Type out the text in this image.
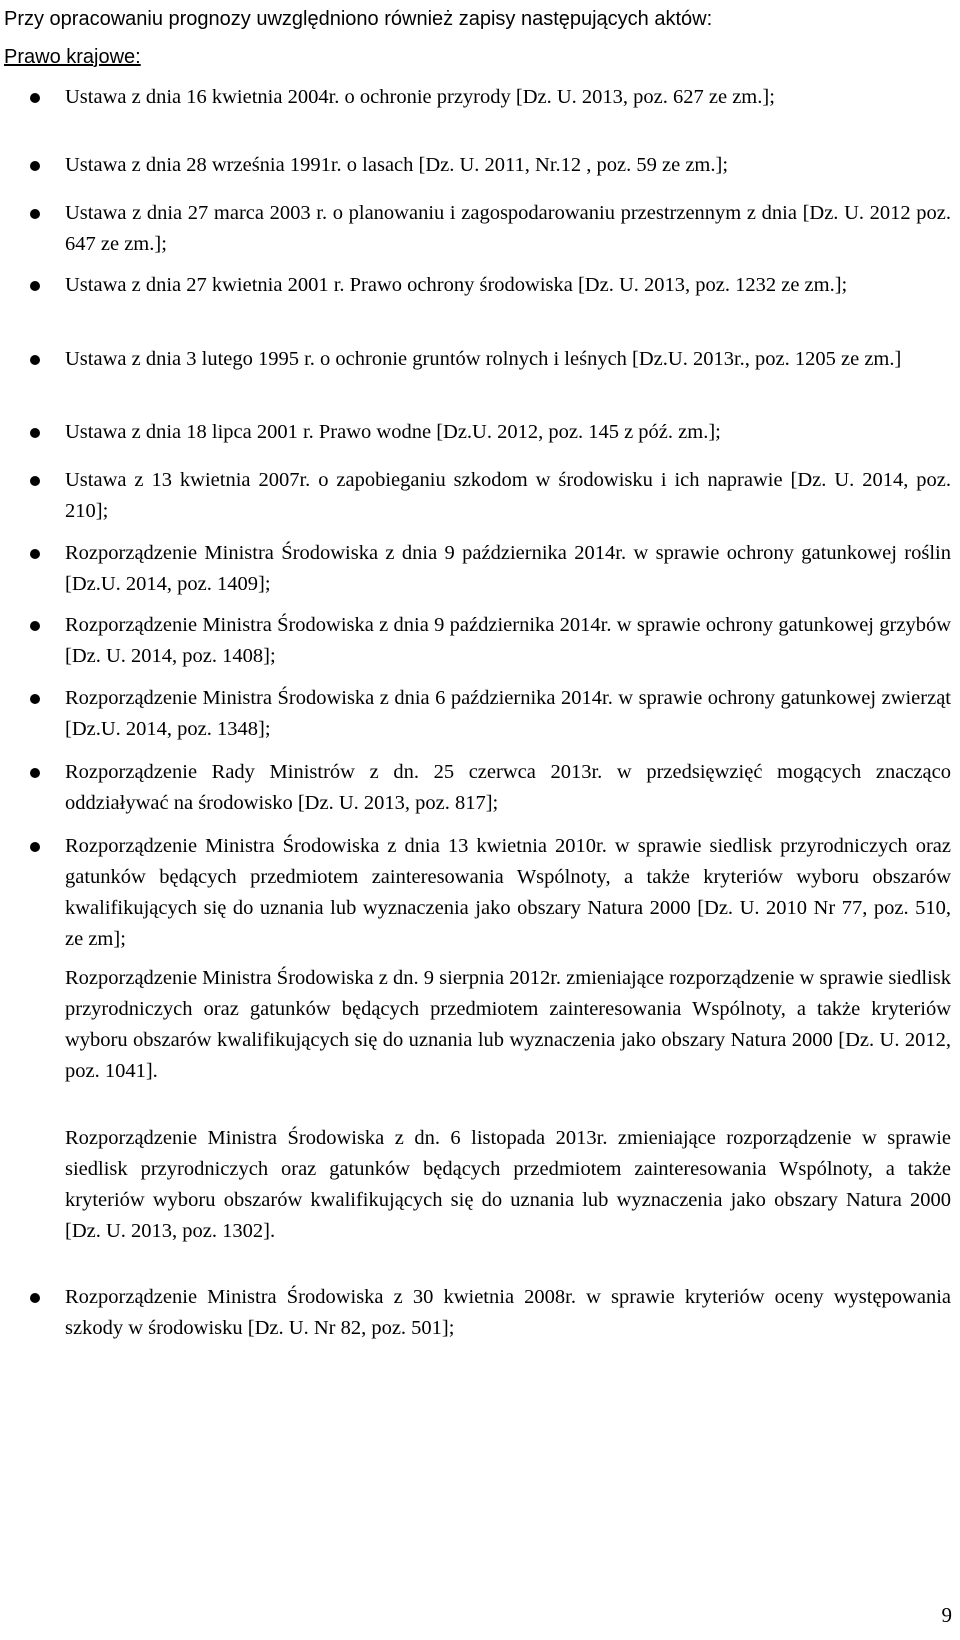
Przy opracowaniu prognozy uwzględniono również zapisy następujących aktów:

Prawo krajowe:

Ustawa z dnia 16 kwietnia 2004r. o ochronie przyrody [Dz. U. 2013, poz. 627 ze zm.];

Ustawa z dnia 28 września 1991r. o lasach [Dz. U. 2011, Nr.12 , poz. 59 ze zm.];

Ustawa z dnia 27 marca 2003 r. o planowaniu i zagospodarowaniu przestrzennym z dnia [Dz. U. 2012 poz. 647 ze zm.];

Ustawa z dnia 27 kwietnia 2001 r. Prawo ochrony środowiska [Dz. U. 2013, poz. 1232 ze zm.];

Ustawa z dnia 3 lutego 1995 r. o ochronie gruntów rolnych i leśnych [Dz.U. 2013r., poz. 1205 ze zm.]

Ustawa z dnia 18 lipca 2001 r. Prawo wodne [Dz.U. 2012, poz. 145 z póź. zm.];

Ustawa z 13 kwietnia 2007r. o zapobieganiu szkodom w środowisku i ich naprawie [Dz. U. 2014, poz. 210];

Rozporządzenie Ministra Środowiska z dnia 9 października 2014r. w sprawie ochrony gatunkowej roślin [Dz.U. 2014, poz. 1409];

Rozporządzenie Ministra Środowiska z dnia 9 października 2014r. w sprawie ochrony gatunkowej grzybów [Dz. U. 2014, poz. 1408];

Rozporządzenie Ministra Środowiska z dnia 6 października 2014r. w sprawie ochrony gatunkowej zwierząt [Dz.U. 2014, poz. 1348];

Rozporządzenie Rady Ministrów z dn. 25 czerwca 2013r. w przedsięwzięć mogących znacząco oddziaływać na środowisko [Dz. U. 2013, poz. 817];

Rozporządzenie Ministra Środowiska z dnia 13 kwietnia 2010r. w sprawie siedlisk przyrodniczych oraz gatunków będących przedmiotem zainteresowania Wspólnoty, a także kryteriów wyboru obszarów kwalifikujących się do uznania lub wyznaczenia jako obszary Natura 2000 [Dz. U. 2010 Nr 77, poz. 510, ze zm];

Rozporządzenie Ministra Środowiska z dn. 9 sierpnia 2012r. zmieniające rozporządzenie w sprawie siedlisk przyrodniczych oraz gatunków będących przedmiotem zainteresowania Wspólnoty, a także kryteriów wyboru obszarów kwalifikujących się do uznania lub wyznaczenia jako obszary Natura 2000 [Dz. U. 2012, poz. 1041].

Rozporządzenie Ministra Środowiska z dn. 6 listopada 2013r. zmieniające rozporządzenie w sprawie siedlisk przyrodniczych oraz gatunków będących przedmiotem zainteresowania Wspólnoty, a także kryteriów wyboru obszarów kwalifikujących się do uznania lub wyznaczenia jako obszary Natura 2000 [Dz. U. 2013, poz. 1302].

Rozporządzenie Ministra Środowiska z 30 kwietnia 2008r. w sprawie kryteriów oceny występowania szkody w środowisku [Dz. U. Nr 82, poz. 501];

9
